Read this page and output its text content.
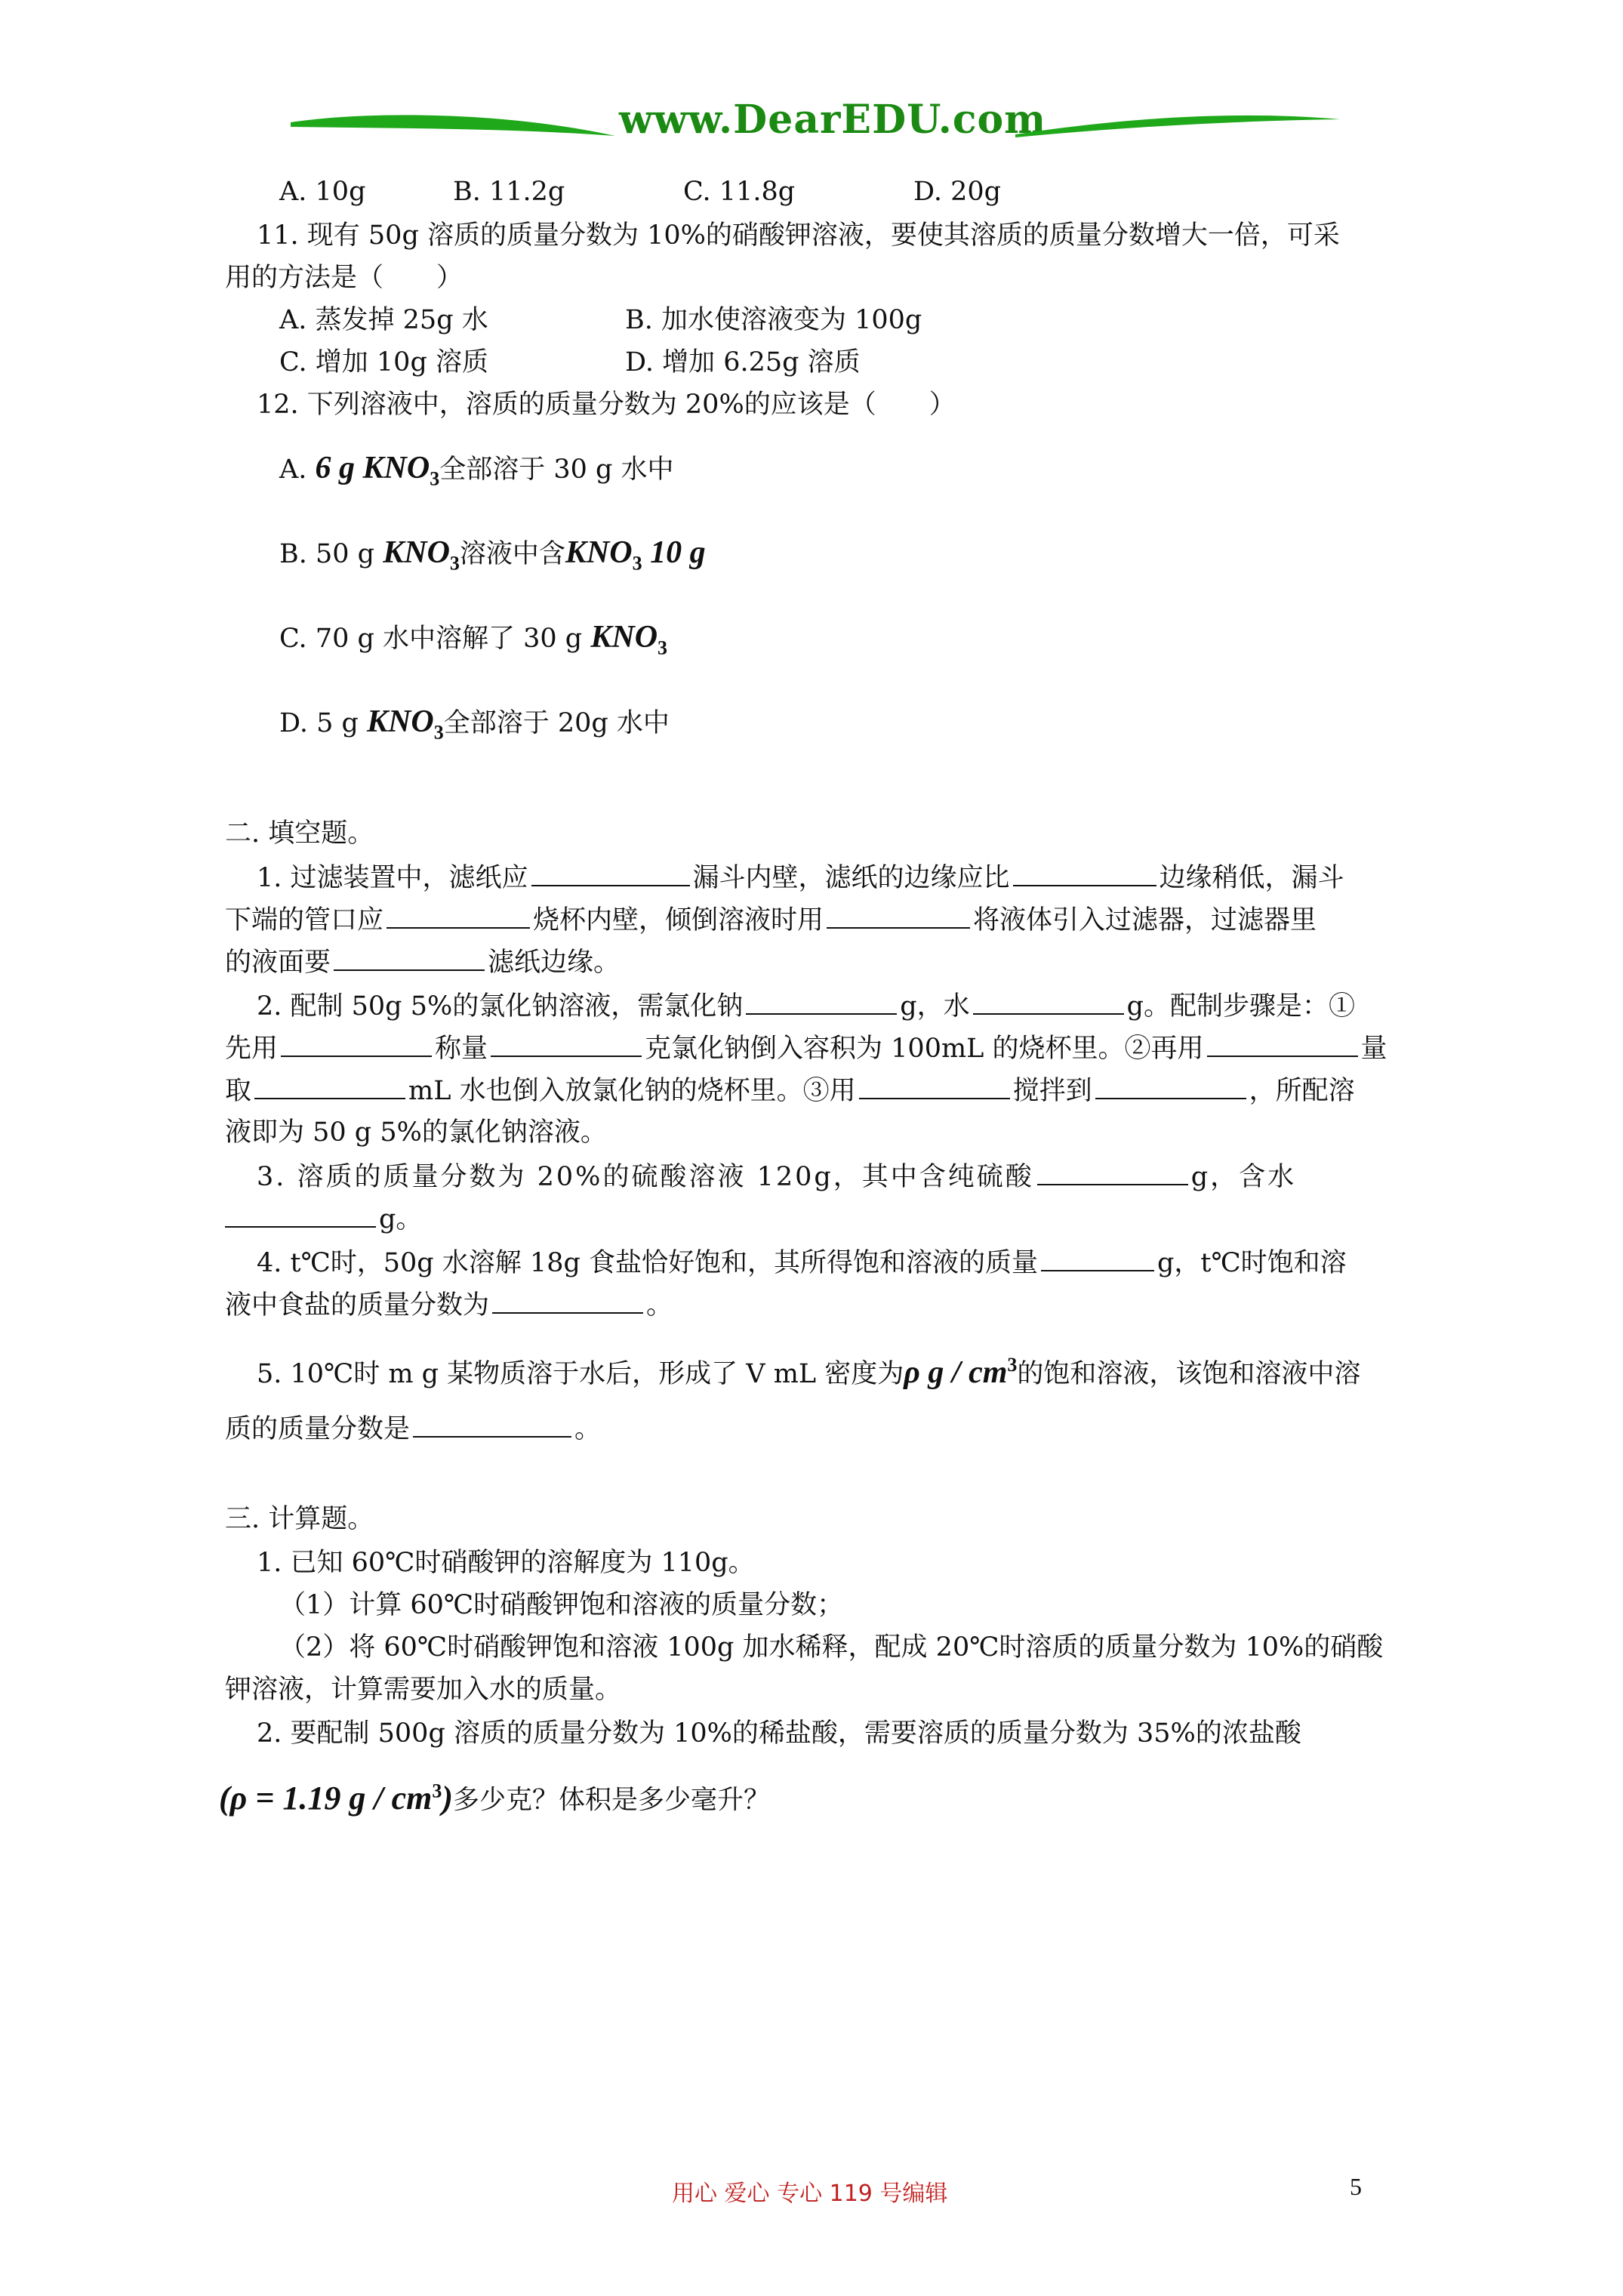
www.DearEDU.com
A. 10g	B. 11.2g	C. 11.8g	D. 20g
11. 现有 50g 溶质的质量分数为 10%的硝酸钾溶液，要使其溶质的质量分数增大一倍，可采
用的方法是（　　）
A. 蒸发掉 25g 水	B. 加水使溶液变为 100g
C. 增加 10g 溶质	D. 增加 6.25g 溶质
12. 下列溶液中，溶质的质量分数为 20%的应该是（　　）
A. 6 g $KNO_3$全部溶于 30 g 水中
B. 50 g $KNO_3$溶液中含$KNO_3$ 10 g
C. 70 g 水中溶解了 30 g $KNO_3$
D. 5 g $KNO_3$全部溶于 20g 水中
二. 填空题。
1. 过滤装置中，滤纸应	漏斗内壁，滤纸的边缘应比	边缘稍低，漏斗
下端的管口应	烧杯内壁，倾倒溶液时用	将液体引入过滤器，过滤器里
的液面要	滤纸边缘。
2. 配制 50g 5%的氯化钠溶液，需氯化钠	g，水	g。配制步骤是：①
先用	称量	克氯化钠倒入容积为 100mL 的烧杯里。②再用	量
取	mL 水也倒入放氯化钠的烧杯里。③用	搅拌到	，所配溶
液即为 50 g 5%的氯化钠溶液。
3. 溶质的质量分数为 20%的硫酸溶液 120g，其中含纯硫酸	g，含水
g。
4. t℃时，50g 水溶解 18g 食盐恰好饱和，其所得饱和溶液的质量	g，t℃时饱和溶
液中食盐的质量分数为	。
5. 10℃时 m g 某物质溶于水后，形成了 V mL 密度为ρ g / $cm^3$的饱和溶液，该饱和溶液中溶
质的质量分数是	。
三. 计算题。
1. 已知 60℃时硝酸钾的溶解度为 110g。
（1）计算 60℃时硝酸钾饱和溶液的质量分数；
（2）将 60℃时硝酸钾饱和溶液 100g 加水稀释，配成 20℃时溶质的质量分数为 10%的硝酸
钾溶液，计算需要加入水的质量。
2. 要配制 500g 溶质的质量分数为 10%的稀盐酸，需要溶质的质量分数为 35%的浓盐酸
(ρ = 1.19 g / $cm^3$)多少克？体积是多少毫升？
用心 爱心 专心 119 号编辑	5
